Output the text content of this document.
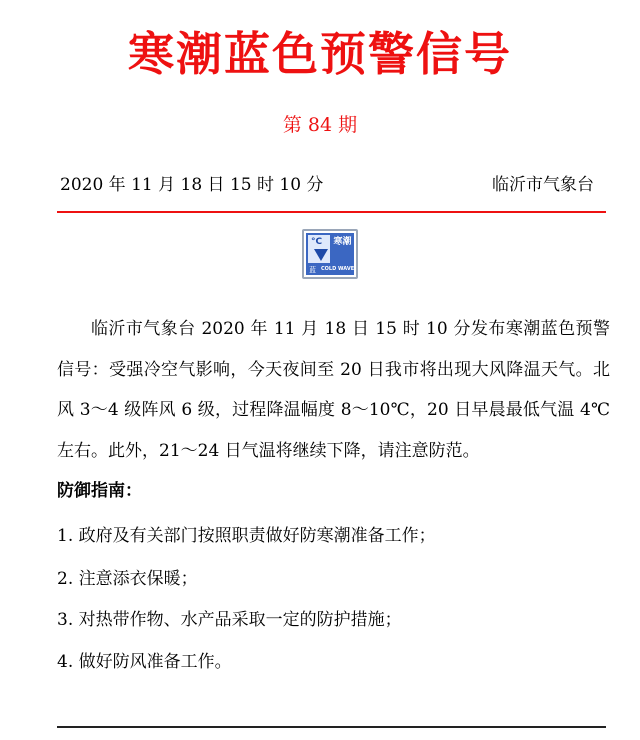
寒潮蓝色预警信号
第 84 期
2020 年 11 月 18 日 15 时 10 分	临沂市气象台
°C 寒潮
蓝 COLD WAVE
临沂市气象台 2020 年 11 月 18 日 15 时 10 分发布寒潮蓝色预警信号：受强冷空气影响，今天夜间至 20 日我市将出现大风降温天气。北风 3～4 级阵风 6 级，过程降温幅度 8～10℃，20 日早晨最低气温 4℃左右。此外，21～24 日气温将继续下降，请注意防范。
防御指南：
1. 政府及有关部门按照职责做好防寒潮准备工作；
2. 注意添衣保暖；
3. 对热带作物、水产品采取一定的防护措施；
4. 做好防风准备工作。
